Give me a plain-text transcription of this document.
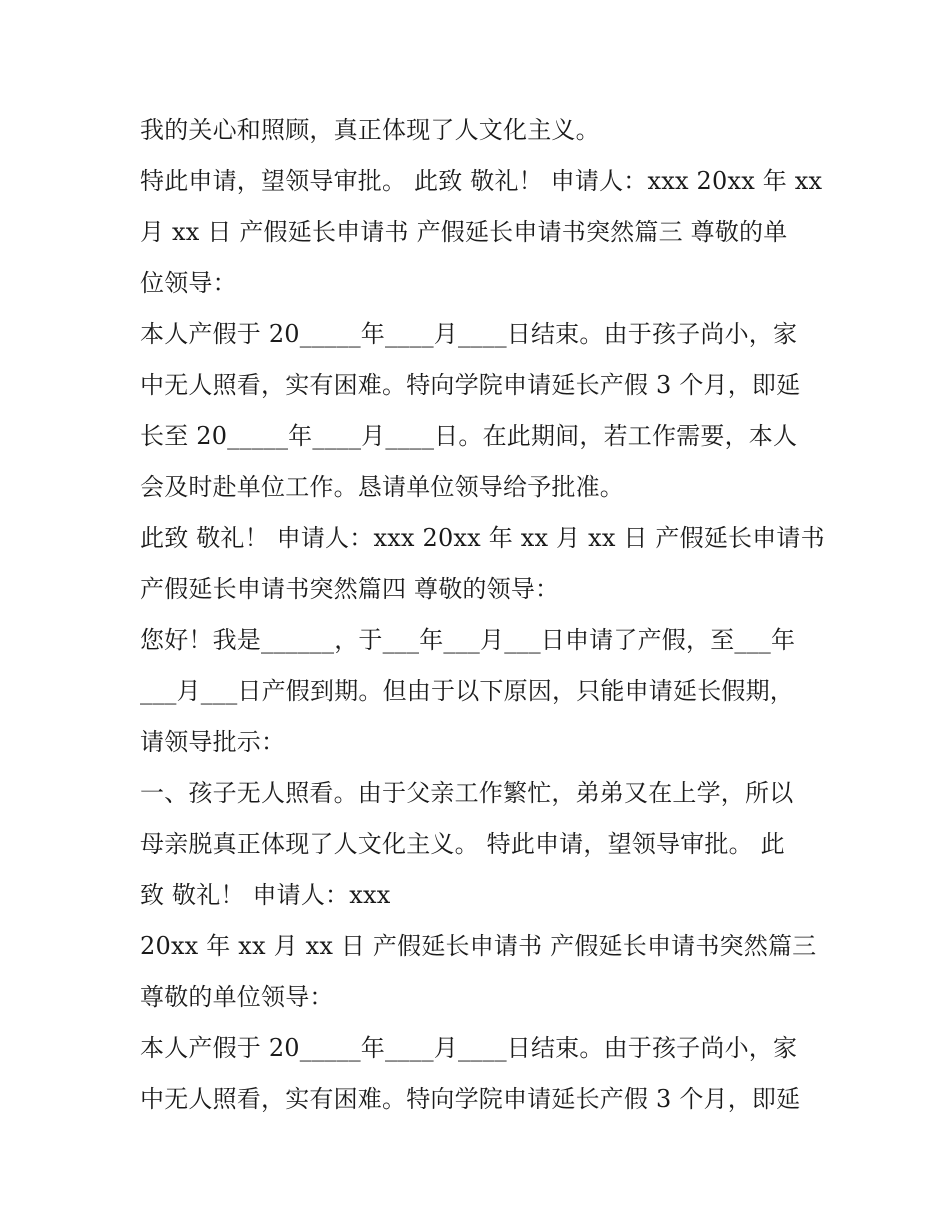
我的关心和照顾，真正体现了人文化主义。
特此申请，望领导审批。 此致 敬礼！ 申请人：xxx 20xx 年 xx
月 xx 日 产假延长申请书 产假延长申请书突然篇三 尊敬的单
位领导：
本人产假于 20_____年____月____日结束。由于孩子尚小，家
中无人照看，实有困难。特向学院申请延长产假 3 个月，即延
长至 20_____年____月____日。在此期间，若工作需要，本人
会及时赴单位工作。恳请单位领导给予批准。
此致 敬礼！ 申请人：xxx 20xx 年 xx 月 xx 日 产假延长申请书
产假延长申请书突然篇四 尊敬的领导：
您好！我是______，于___年___月___日申请了产假，至___年
___月___日产假到期。但由于以下原因，只能申请延长假期，
请领导批示：
一、孩子无人照看。由于父亲工作繁忙，弟弟又在上学，所以
母亲脱真正体现了人文化主义。 特此申请，望领导审批。 此
致 敬礼！ 申请人：xxx
20xx 年 xx 月 xx 日 产假延长申请书 产假延长申请书突然篇三
尊敬的单位领导：
本人产假于 20_____年____月____日结束。由于孩子尚小，家
中无人照看，实有困难。特向学院申请延长产假 3 个月，即延
